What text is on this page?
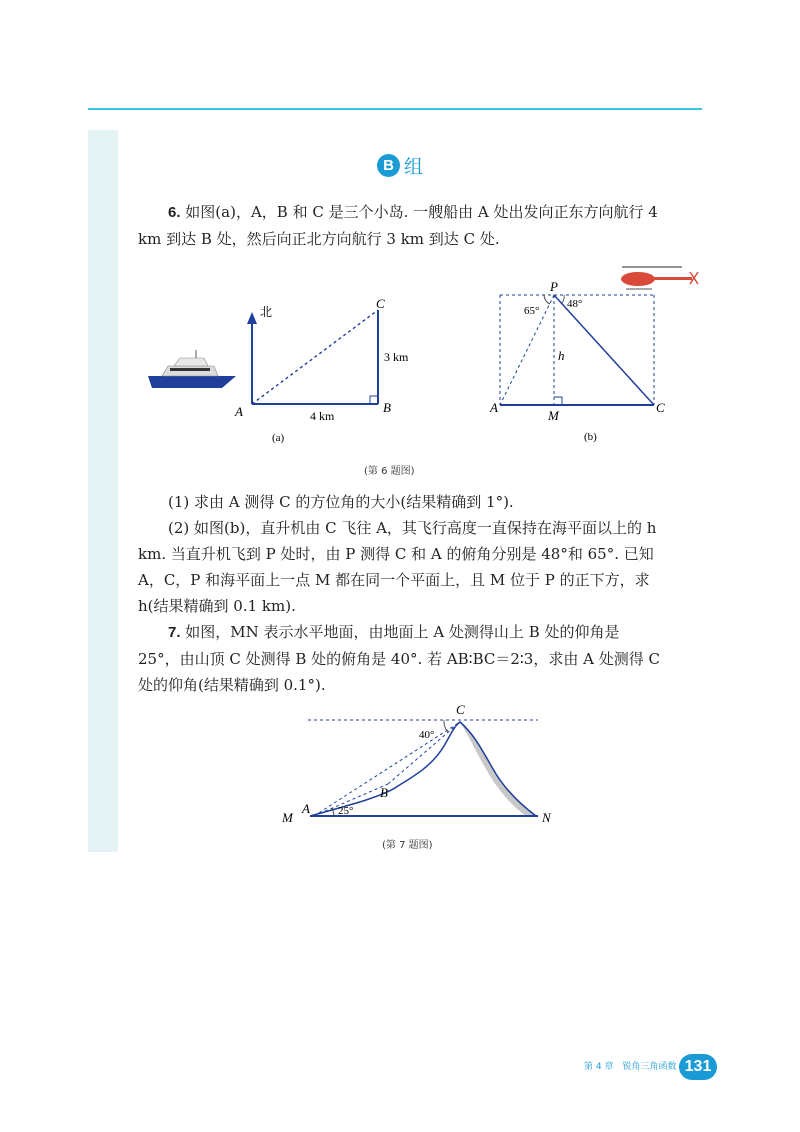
B 组
6. 如图(a)，A，B 和 C 是三个小岛. 一艘船由 A 处出发向正东方向航行 4 km 到达 B 处，然后向正北方向航行 3 km 到达 C 处.
北
A	B
C
4 km
3 km
(a)
P
65°
48°
h
A
M
C
(b)
(第 6 题图)
(1) 求由 A 测得 C 的方位角的大小(结果精确到 1°).
(2) 如图(b)，直升机由 C 飞往 A，其飞行高度一直保持在海平面以上的 h km. 当直升机飞到 P 处时，由 P 测得 C 和 A 的俯角分别是 48°和 65°. 已知 A，C，P 和海平面上一点 M 都在同一个平面上，且 M 位于 P 的正下方，求 h(结果精确到 0.1 km).
7. 如图，MN 表示水平地面，由地面上 A 处测得山上 B 处的仰角是 25°，由山顶 C 处测得 B 处的俯角是 40°. 若 AB∶BC＝2∶3，求由 A 处测得 C 处的仰角(结果精确到 0.1°).
C
B
A
M	N
40°
25°
(第 7 题图)
第 4 章　锐角三角函数 131
